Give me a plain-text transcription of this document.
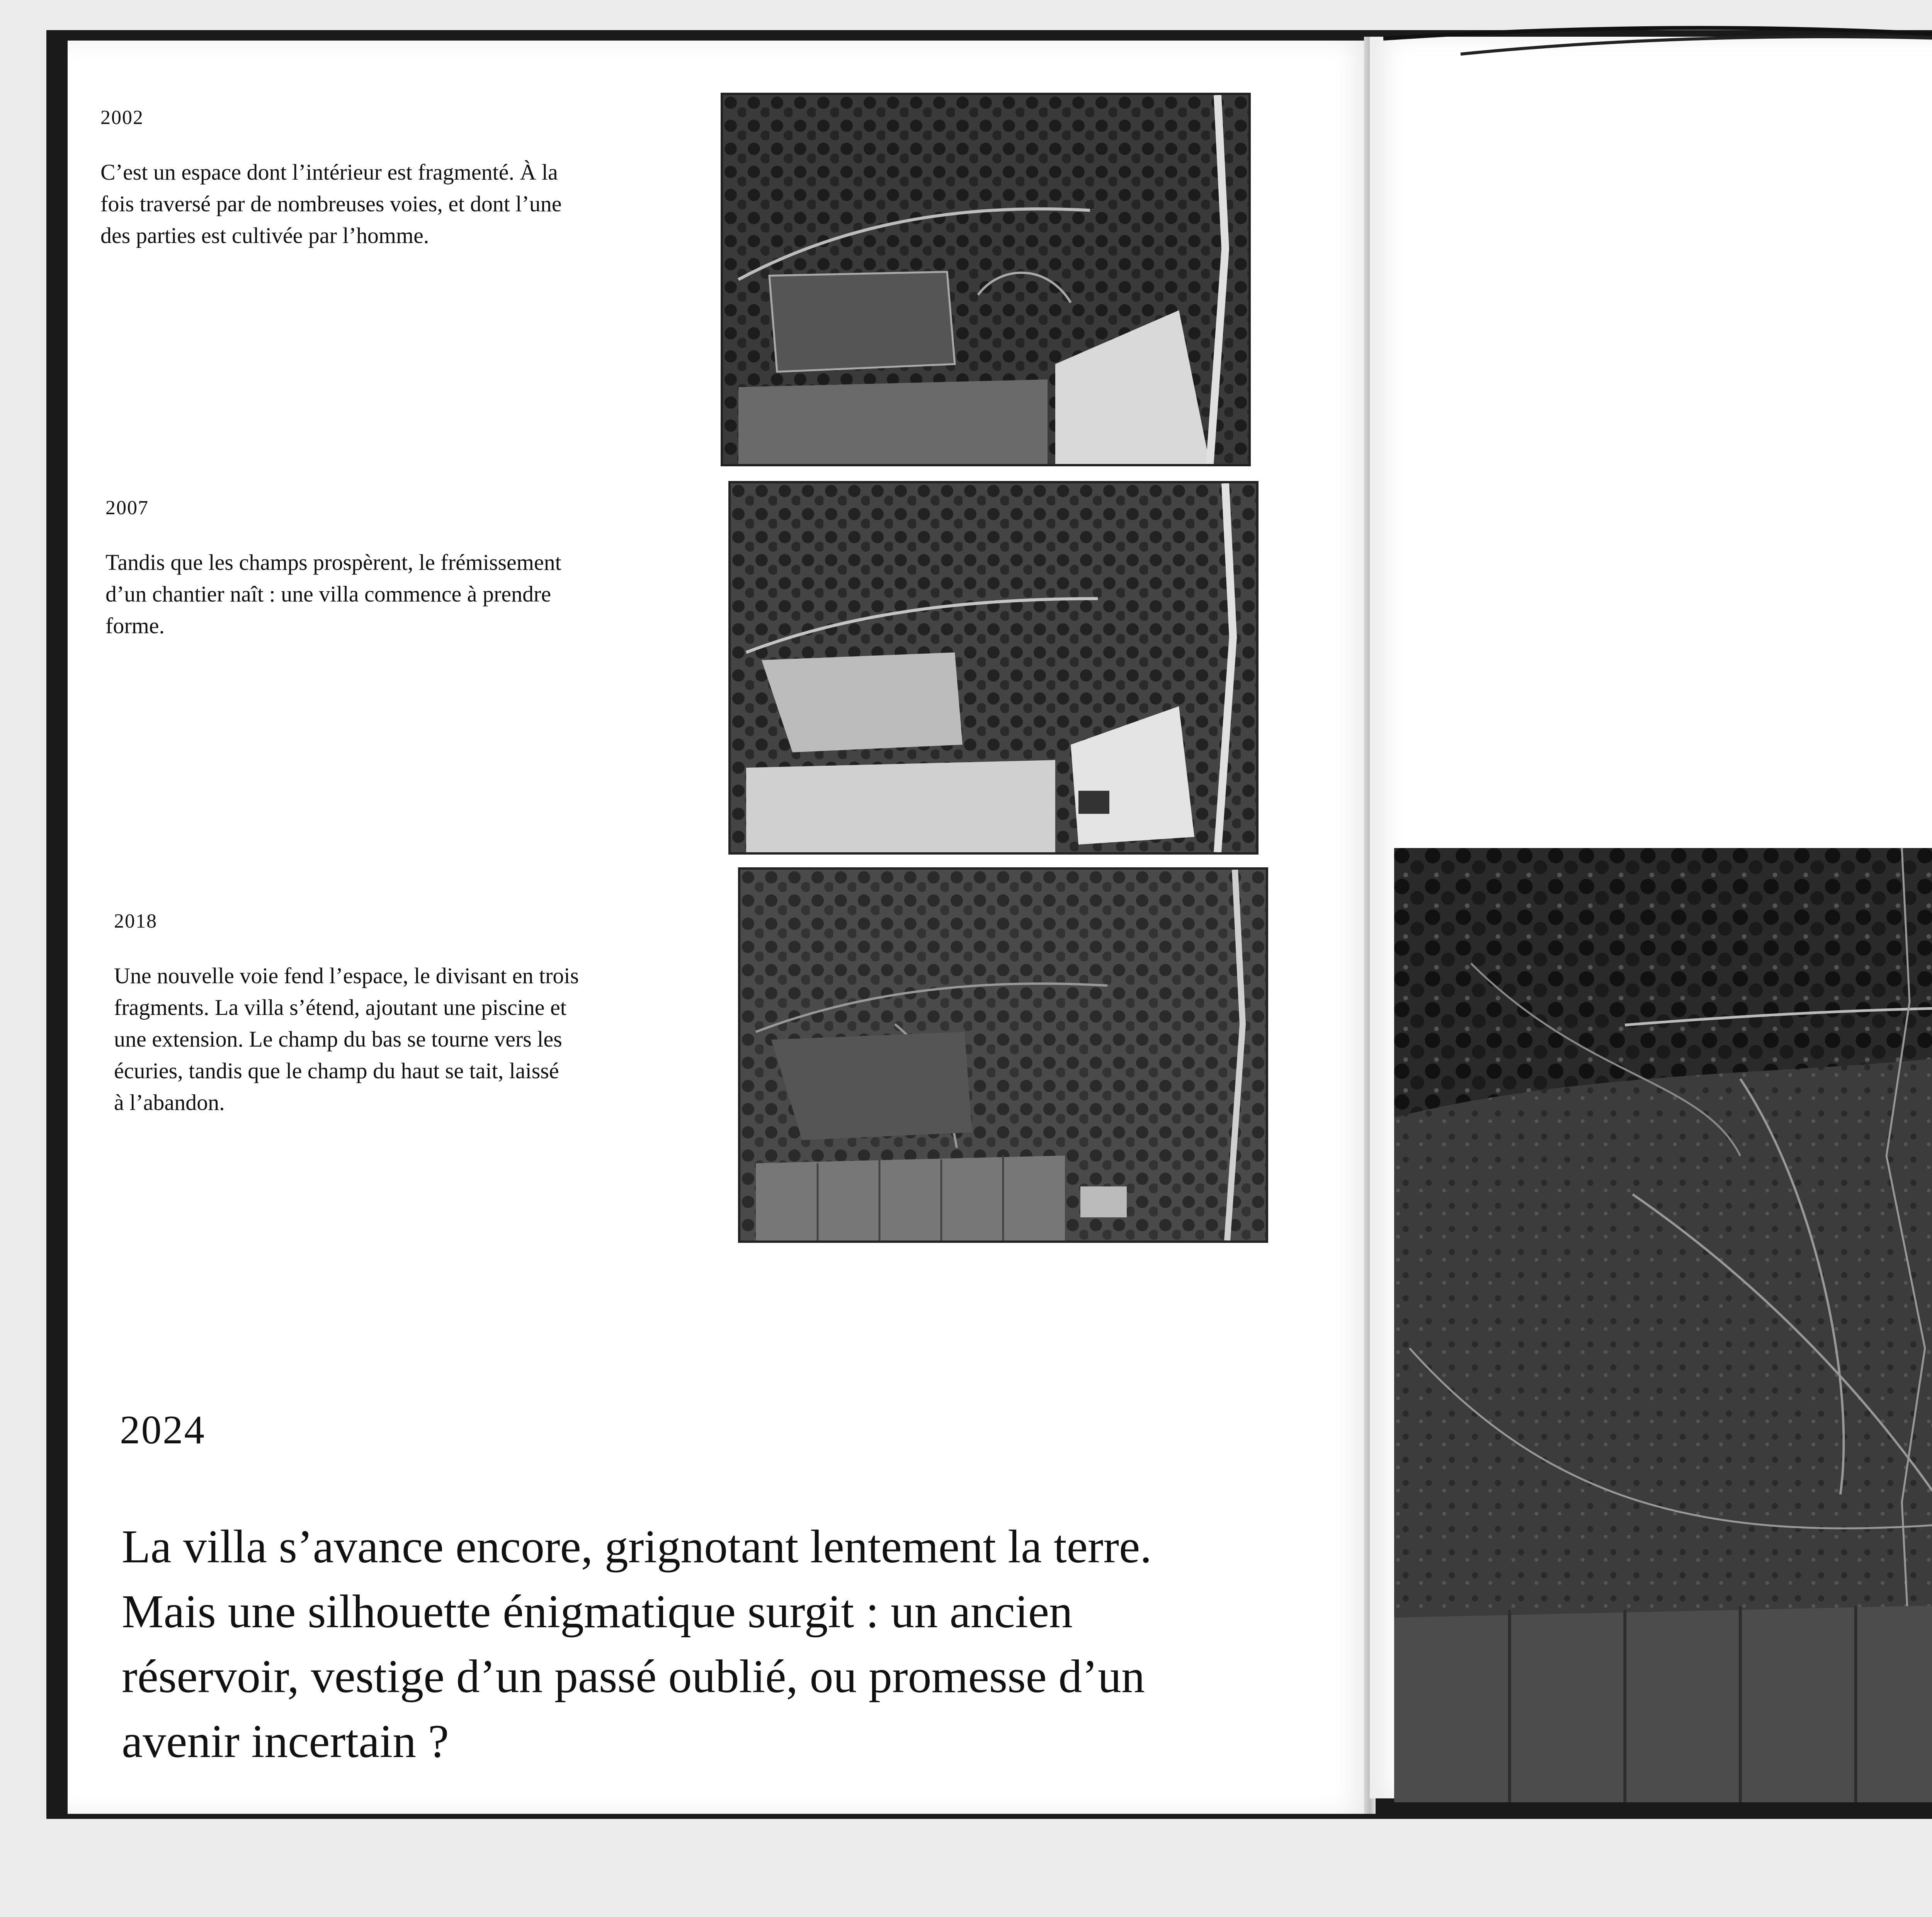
2002
C’est un espace dont l’intérieur est fragmenté. À la
fois traversé par de nombreuses voies, et dont l’une
des parties est cultivée par l’homme.
2007
Tandis que les champs prospèrent, le frémissement
d’un chantier naît : une villa commence à prendre
forme.
2018
Une nouvelle voie fend l’espace, le divisant en trois
fragments. La villa s’étend, ajoutant une piscine et
une extension. Le champ du bas se tourne vers les
écuries, tandis que le champ du haut se tait, laissé
à l’abandon.
2024
La villa s’avance encore, grignotant lentement la terre.
Mais une silhouette énigmatique surgit : un ancien
réservoir, vestige d’un passé oublié, ou promesse d’un
avenir incertain ?
